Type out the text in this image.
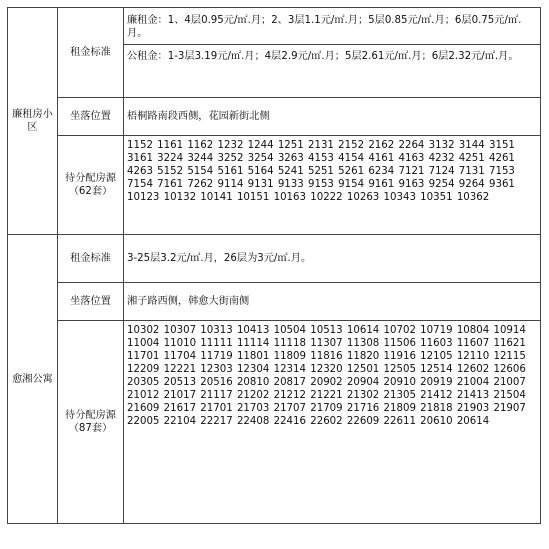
廉租房小区	租金标准	廉租金：1、4层0.95元/㎡.月；2、3层1.1元/㎡.月；5层0.85元/㎡.月；6层0.75元/㎡.月。
公租金：1-3层3.19元/㎡.月；4层2.9元/㎡.月；5层2.61元/㎡.月；6层2.32元/㎡.月。

	坐落位置	梧桐路南段西侧，花园新街北侧

	待分配房源
（62套）	1152 1161 1162 1232 1244 1251 2131 2152 2162 2264 3132 3144 3151 3161 3224 3244 3252 3254 3263 4153 4154 4161 4163 4232 4251 4261 4263 5152 5154 5161 5164 5241 5251 5261 6234 7121 7124 7131 7153 7154 7161 7262 9114 9131 9133 9153 9154 9161 9163 9254 9264 9361 10123 10132 10141 10151 10163 10222 10263 10343 10351 10362
愈湘公寓	租金标准	3-25层3.2元/㎡.月，26层为3元/㎡.月。
	坐落位置	湘子路西侧，韩愈大街南侧

	待分配房源
（87套）	10302 10307 10313 10413 10504 10513 10614 10702 10719 10804 10914 11004 11010 11111 11114 11118 11307 11308 11506 11603 11607 11621 11701 11704 11719 11801 11809 11816 11820 11916 12105 12110 12115 12209 12221 12303 12304 12314 12320 12501 12505 12514 12602 12606 20305 20513 20516 20810 20817 20902 20904 20910 20919 21004 21007 21012 21017 21117 21202 21212 21221 21302 21305 21412 21413 21504 21609 21617 21701 21703 21707 21709 21716 21809 21818 21903 21907 22005 22104 22217 22408 22416 22602 22609 22611 20610 20614
